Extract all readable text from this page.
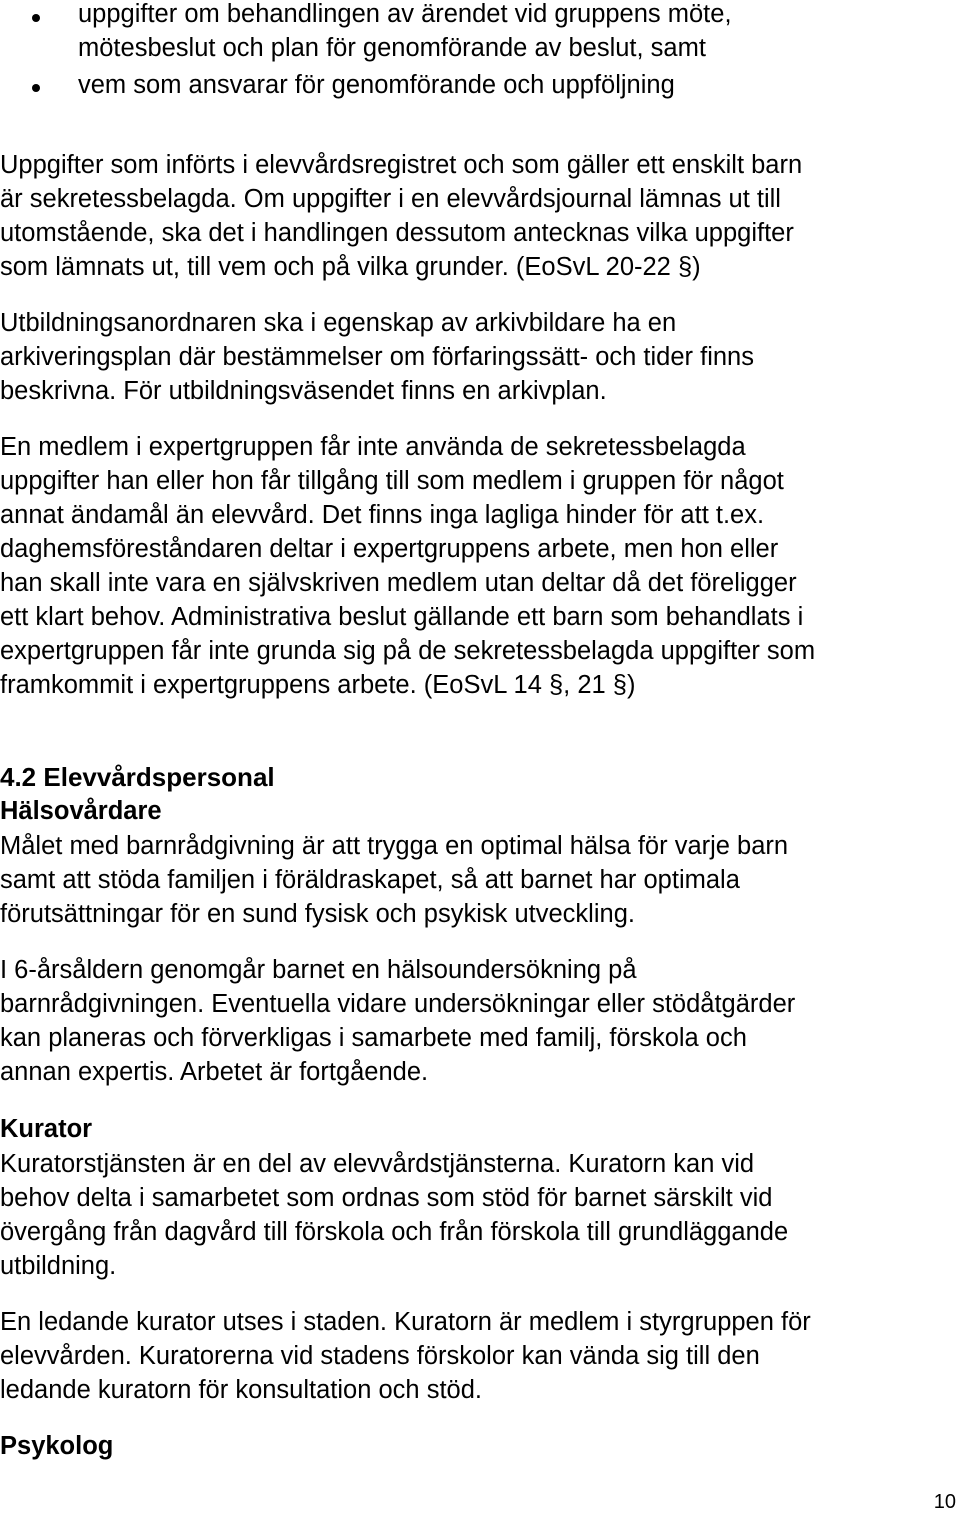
uppgifter om behandlingen av ärendet vid gruppens möte,
mötesbeslut och plan för genomförande av beslut, samt
vem som ansvarar för genomförande och uppföljning
Uppgifter som införts i elevvårdsregistret och som gäller ett enskilt barn
är sekretessbelagda. Om uppgifter i en elevvårdsjournal lämnas ut till
utomstående, ska det i handlingen dessutom antecknas vilka uppgifter
som lämnats ut, till vem och på vilka grunder. (EoSvL 20-22 §)
Utbildningsanordnaren ska i egenskap av arkivbildare ha en
arkiveringsplan där bestämmelser om förfaringssätt- och tider finns
beskrivna. För utbildningsväsendet finns en arkivplan.
En medlem i expertgruppen får inte använda de sekretessbelagda
uppgifter han eller hon får tillgång till som medlem i gruppen för något
annat ändamål än elevvård. Det finns inga lagliga hinder för att t.ex.
daghemsföreståndaren deltar i expertgruppens arbete, men hon eller
han skall inte vara en självskriven medlem utan deltar då det föreligger
ett klart behov. Administrativa beslut gällande ett barn som behandlats i
expertgruppen får inte grunda sig på de sekretessbelagda uppgifter som
framkommit i expertgruppens arbete. (EoSvL 14 §, 21 §)
4.2 Elevvårdspersonal
Hälsovårdare
Målet med barnrådgivning är att trygga en optimal hälsa för varje barn
samt att stöda familjen i föräldraskapet, så att barnet har optimala
förutsättningar för en sund fysisk och psykisk utveckling.
I 6-årsåldern genomgår barnet en hälsoundersökning på
barnrådgivningen. Eventuella vidare undersökningar eller stödåtgärder
kan planeras och förverkligas i samarbete med familj, förskola och
annan expertis. Arbetet är fortgående.
Kurator
Kuratorstjänsten är en del av elevvårdstjänsterna. Kuratorn kan vid
behov delta i samarbetet som ordnas som stöd för barnet särskilt vid
övergång från dagvård till förskola och från förskola till grundläggande
utbildning.
En ledande kurator utses i staden. Kuratorn är medlem i styrgruppen för
elevvården. Kuratorerna vid stadens förskolor kan vända sig till den
ledande kuratorn för konsultation och stöd.
Psykolog
10
